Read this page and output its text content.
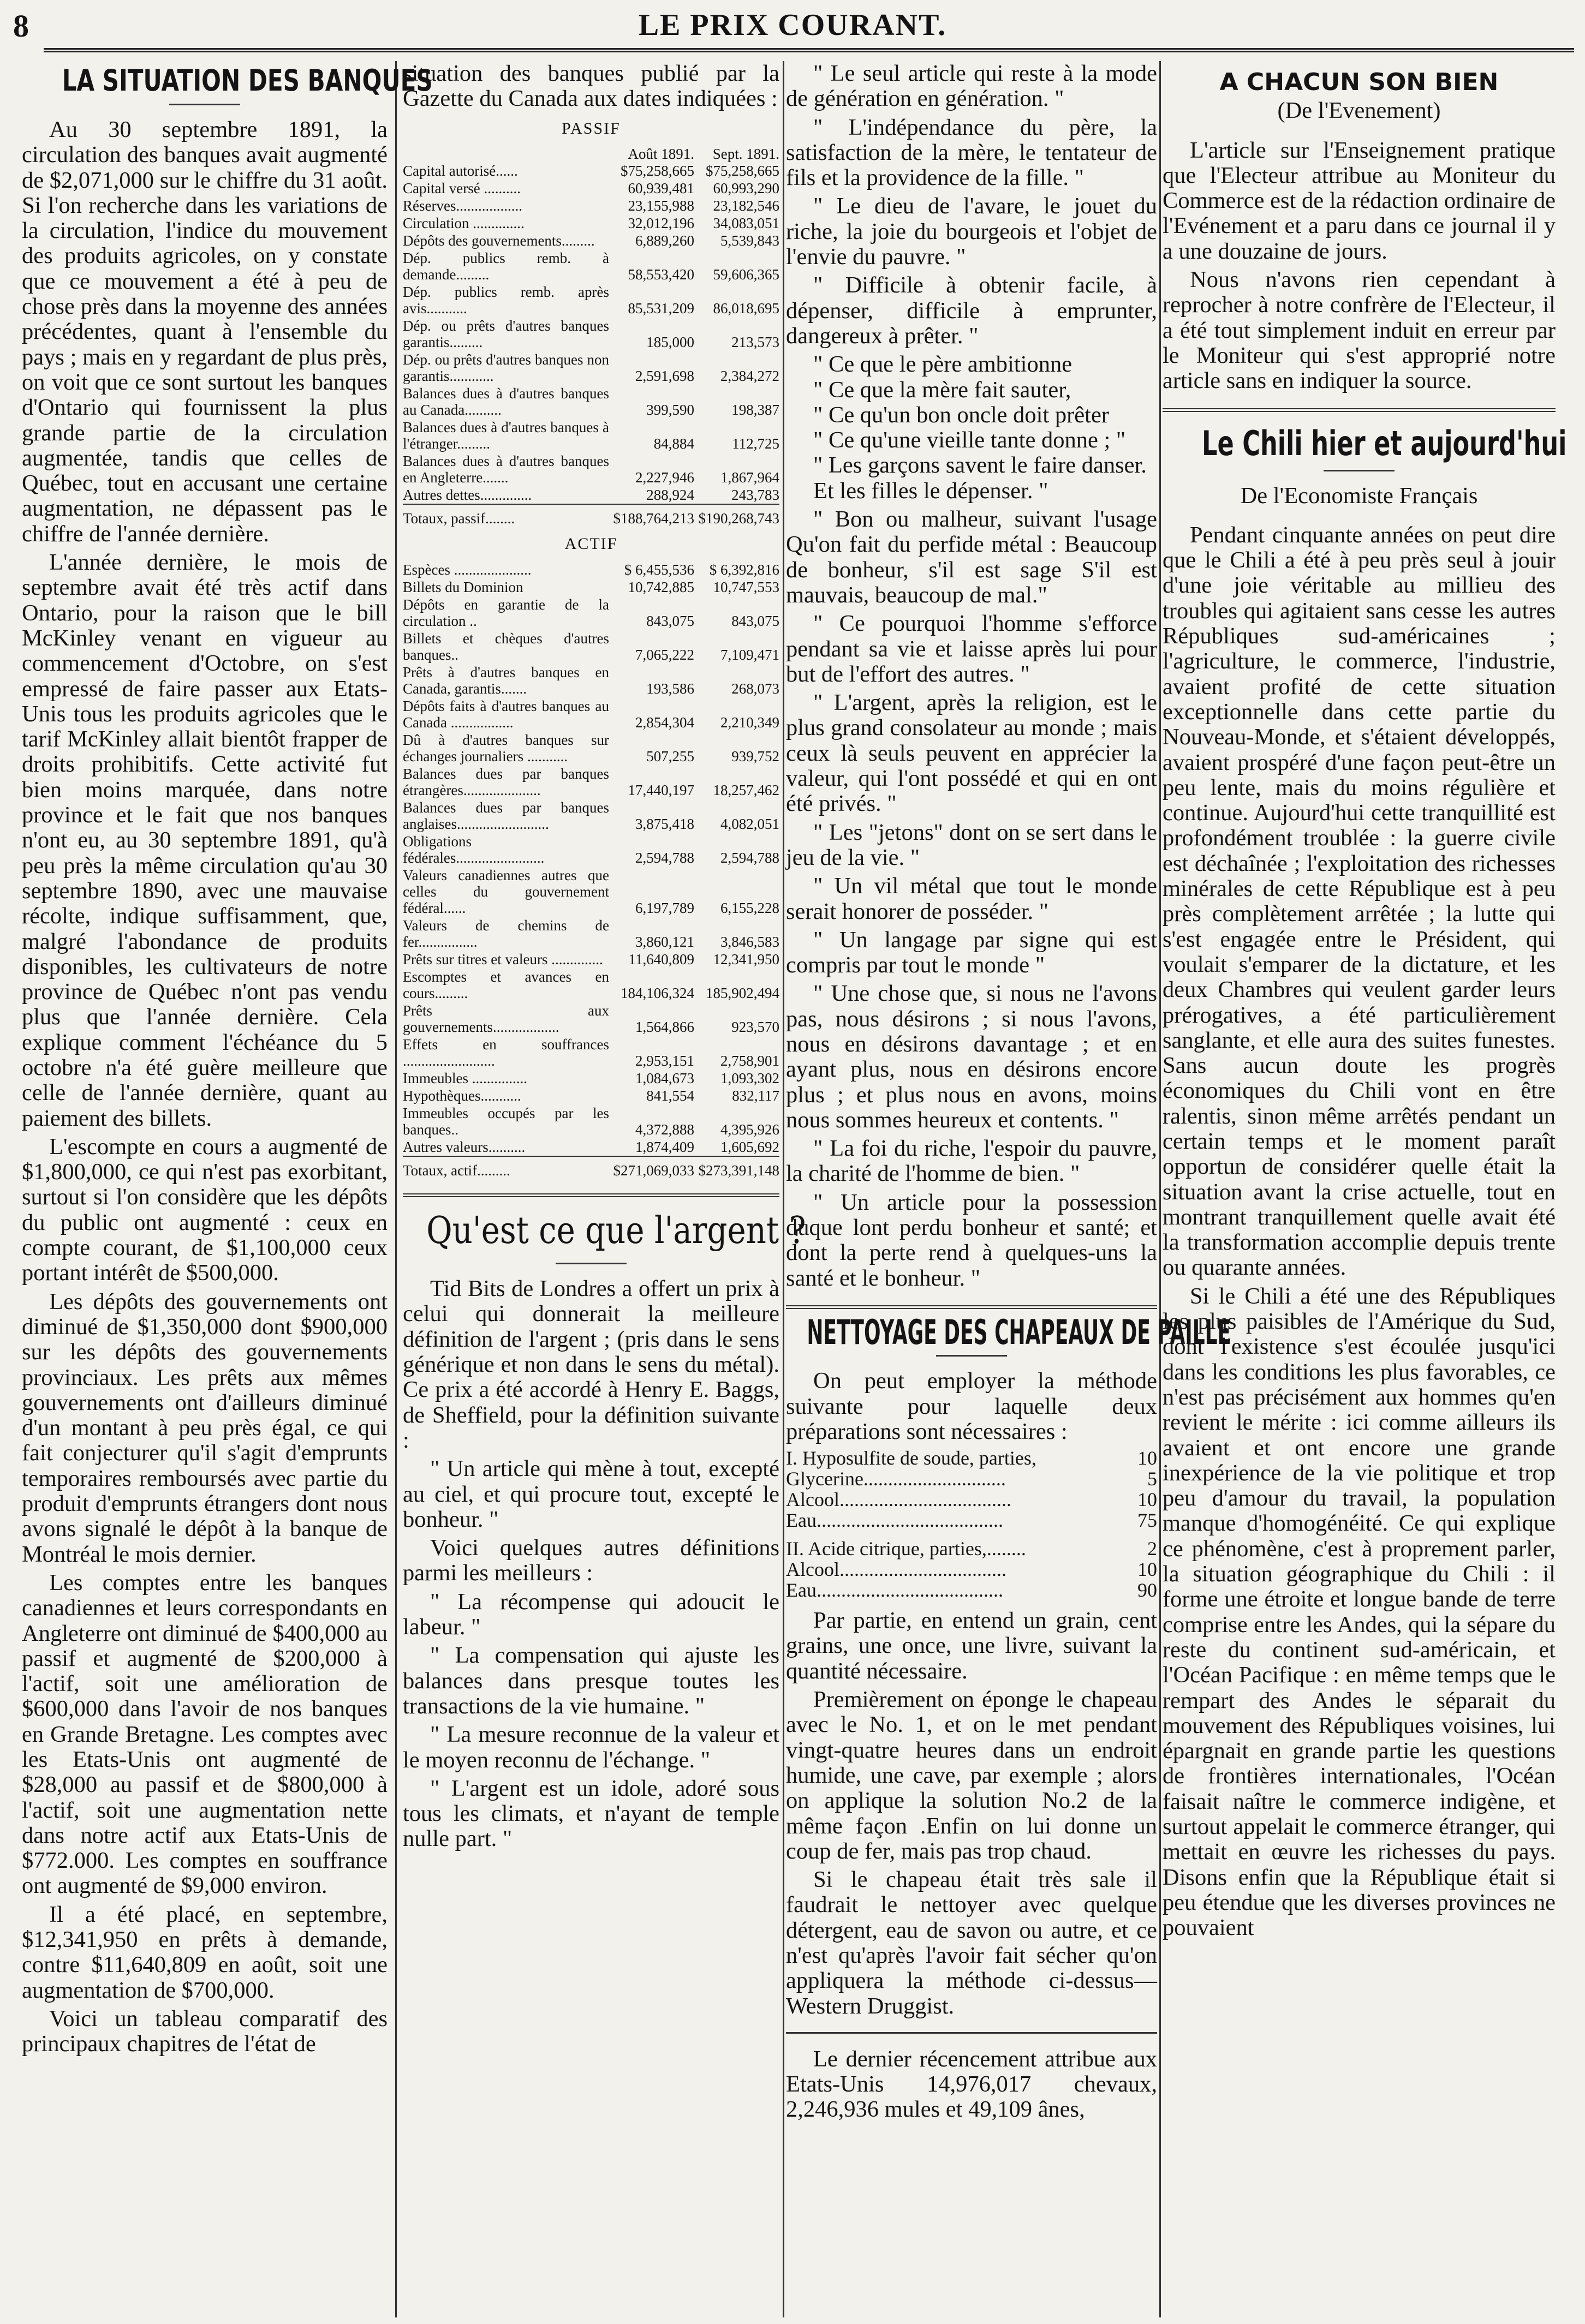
8	LE PRIX COURANT.
LA SITUATION DES BANQUES

Au 30 septembre 1891, la circulation des banques avait augmenté de $2,071,000 sur le chiffre du 31 août. Si l'on recherche dans les variations de la circulation, l'indice du mouvement des produits agricoles, on y constate que ce mouvement a été à peu de chose près dans la moyenne des années précédentes, quant à l'ensemble du pays ; mais en y regardant de plus près, on voit que ce sont surtout les banques d'Ontario qui fournissent la plus grande partie de la circulation augmentée, tandis que celles de Québec, tout en accusant une certaine augmentation, ne dépassent pas le chiffre de l'année dernière.

L'année dernière, le mois de septembre avait été très actif dans Ontario, pour la raison que le bill McKinley venant en vigueur au commencement d'Octobre, on s'est empressé de faire passer aux Etats-Unis tous les produits agricoles que le tarif McKinley allait bientôt frapper de droits prohibitifs. Cette activité fut bien moins marquée, dans notre province et le fait que nos banques n'ont eu, au 30 septembre 1891, qu'à peu près la même circulation qu'au 30 septembre 1890, avec une mauvaise récolte, indique suffisamment, que, malgré l'abondance de produits disponibles, les cultivateurs de notre province de Québec n'ont pas vendu plus que l'année dernière. Cela explique comment l'échéance du 5 octobre n'a été guère meilleure que celle de l'année dernière, quant au paiement des billets.

L'escompte en cours a augmenté de $1,800,000, ce qui n'est pas exorbitant, surtout si l'on considère que les dépôts du public ont augmenté : ceux en compte courant, de $1,100,000 ceux portant intérêt de $500,000.

Les dépôts des gouvernements ont diminué de $1,350,000 dont $900,000 sur les dépôts des gouvernements provinciaux. Les prêts aux mêmes gouvernements ont d'ailleurs diminué d'un montant à peu près égal, ce qui fait conjecturer qu'il s'agit d'emprunts temporaires remboursés avec partie du produit d'emprunts étrangers dont nous avons signalé le dépôt à la banque de Montréal le mois dernier.

Les comptes entre les banques canadiennes et leurs correspondants en Angleterre ont diminué de $400,000 au passif et augmenté de $200,000 à l'actif, soit une amélioration de $600,000 dans l'avoir de nos banques en Grande Bretagne. Les comptes avec les Etats-Unis ont augmenté de $28,000 au passif et de $800,000 à l'actif, soit une augmentation nette dans notre actif aux Etats-Unis de $772.000. Les comptes en souffrance ont augmenté de $9,000 environ.

Il a été placé, en septembre, $12,341,950 en prêts à demande, contre $11,640,809 en août, soit une augmentation de $700,000.

Voici un tableau comparatif des principaux chapitres de l'état de

situation des banques publié par la Gazette du Canada aux dates indiquées :

PASSIF
	Août 1891.	Sept. 1891.
Capital autorisé......	$75,258,665	$75,258,665
Capital versé ..........	60,939,481	60,993,290
Réserves..................	23,155,988	23,182,546
Circulation ..............	32,012,196	34,083,051
Dépôts des gouvernements.........	6,889,260	5,539,843
Dép. publics remb. à demande.........	58,553,420	59,606,365
Dép. publics remb. après avis...........	85,531,209	86,018,695
Dép. ou prêts d'autres banques garantis.........	185,000	213,573
Dép. ou prêts d'autres banques non garantis............	2,591,698	2,384,272
Balances dues à d'autres banques au Canada..........	399,590	198,387
Balances dues à d'autres banques à l'étranger.........	84,884	112,725
Balances dues à d'autres banques en Angleterre.......	2,227,946	1,867,964
Autres dettes..............	288,924	243,783
Totaux, passif........	$188,764,213	$190,268,743
ACTIF
Espèces .....................	$ 6,455,536	$ 6,392,816
Billets du Dominion	10,742,885	10,747,553
Dépôts en garantie de la circulation ..	843,075	843,075
Billets et chèques d'autres banques..	7,065,222	7,109,471
Prêts à d'autres banques en Canada, garantis.......	193,586	268,073
Dépôts faits à d'autres banques au Canada .................	2,854,304	2,210,349
Dû à d'autres banques sur échanges journaliers ...........	507,255	939,752
Balances dues par banques étrangères.....................	17,440,197	18,257,462
Balances dues par banques anglaises.........................	3,875,418	4,082,051
Obligations fédérales........................	2,594,788	2,594,788
Valeurs canadiennes autres que celles du gouvernement fédéral......	6,197,789	6,155,228
Valeurs de chemins de fer................	3,860,121	3,846,583
Prêts sur titres et valeurs ..............	11,640,809	12,341,950
Escomptes et avances en cours.........	184,106,324	185,902,494
Prêts aux gouvernements..................	1,564,866	923,570
Effets en souffrances .........................	2,953,151	2,758,901
Immeubles ...............	1,084,673	1,093,302
Hypothèques...........	841,554	832,117
Immeubles occupés par les banques..	4,372,888	4,395,926
Autres valeurs..........	1,874,409	1,605,692
Totaux, actif.........	$271,069,033	$273,391,148
Qu'est ce que l'argent ?

Tid Bits de Londres a offert un prix à celui qui donnerait la meilleure définition de l'argent ; (pris dans le sens générique et non dans le sens du métal). Ce prix a été accordé à Henry E. Baggs, de Sheffield, pour la définition suivante :

" Un article qui mène à tout, excepté au ciel, et qui procure tout, excepté le bonheur. "

Voici quelques autres définitions parmi les meilleurs :

" La récompense qui adoucit le labeur. "

" La compensation qui ajuste les balances dans presque toutes les transactions de la vie humaine. "

" La mesure reconnue de la valeur et le moyen reconnu de l'échange. "

" L'argent est un idole, adoré sous tous les climats, et n'ayant de temple nulle part. "

" Le seul article qui reste à la mode de génération en génération. "

" L'indépendance du père, la satisfaction de la mère, le tentateur de fils et la providence de la fille. "

" Le dieu de l'avare, le jouet du riche, la joie du bourgeois et l'objet de l'envie du pauvre. "

" Difficile à obtenir facile, à dépenser, difficile à emprunter, dangereux à prêter. "

" Ce que le père ambitionne

" Ce que la mère fait sauter,

" Ce qu'un bon oncle doit prêter

" Ce qu'une vieille tante donne ; "

" Les garçons savent le faire danser.

Et les filles le dépenser. "

" Bon ou malheur, suivant l'usage Qu'on fait du perfide métal : Beaucoup de bonheur, s'il est sage S'il est mauvais, beaucoup de mal."

" Ce pourquoi l'homme s'efforce pendant sa vie et laisse après lui pour but de l'effort des autres. "

" L'argent, après la religion, est le plus grand consolateur au monde ; mais ceux là seuls peuvent en apprécier la valeur, qui l'ont possédé et qui en ont été privés. "

" Les "jetons" dont on se sert dans le jeu de la vie. "

" Un vil métal que tout le monde serait honorer de posséder. "

" Un langage par signe qui est compris par tout le monde "

" Une chose que, si nous ne l'avons pas, nous désirons ; si nous l'avons, nous en désirons davantage ; et en ayant plus, nous en désirons encore plus ; et plus nous en avons, moins nous sommes heureux et contents. "

" La foi du riche, l'espoir du pauvre, la charité de l'homme de bien. "

" Un article pour la possession duque lont perdu bonheur et santé; et dont la perte rend à quelques-uns la santé et le bonheur. "

NETTOYAGE DES CHAPEAUX DE PAILLE

On peut employer la méthode suivante pour laquelle deux préparations sont nécessaires :

I. Hyposulfite de soude, parties,	10
Glycerine.............................	5
Alcool...................................	10
Eau......................................	75
II. Acide citrique, parties,........	2
Alcool..................................	10
Eau......................................	90

Par partie, en entend un grain, cent grains, une once, une livre, suivant la quantité nécessaire.

Premièrement on éponge le chapeau avec le No. 1, et on le met pendant vingt-quatre heures dans un endroit humide, une cave, par exemple ; alors on applique la solution No.2 de la même façon .Enfin on lui donne un coup de fer, mais pas trop chaud.

Si le chapeau était très sale il faudrait le nettoyer avec quelque détergent, eau de savon ou autre, et ce n'est qu'après l'avoir fait sécher qu'on appliquera la méthode ci-dessus— Western Druggist.

Le dernier récencement attribue aux Etats-Unis 14,976,017 chevaux, 2,246,936 mules et 49,109 ânes,

A CHACUN SON BIEN
(De l'Evenement)

L'article sur l'Enseignement pratique que l'Electeur attribue au Moniteur du Commerce est de la rédaction ordinaire de l'Evénement et a paru dans ce journal il y a une douzaine de jours.

Nous n'avons rien cependant à reprocher à notre confrère de l'Electeur, il a été tout simplement induit en erreur par le Moniteur qui s'est approprié notre article sans en indiquer la source.

Le Chili hier et aujourd'hui
De l'Economiste Français

Pendant cinquante années on peut dire que le Chili a été à peu près seul à jouir d'une joie véritable au millieu des troubles qui agitaient sans cesse les autres Républiques sud-américaines ; l'agriculture, le commerce, l'industrie, avaient profité de cette situation exceptionnelle dans cette partie du Nouveau-Monde, et s'étaient développés, avaient prospéré d'une façon peut-être un peu lente, mais du moins régulière et continue. Aujourd'hui cette tranquillité est profondément troublée : la guerre civile est déchaînée ; l'exploitation des richesses minérales de cette République est à peu près complètement arrêtée ; la lutte qui s'est engagée entre le Président, qui voulait s'emparer de la dictature, et les deux Chambres qui veulent garder leurs prérogatives, a été particulièrement sanglante, et elle aura des suites funestes. Sans aucun doute les progrès économiques du Chili vont en être ralentis, sinon même arrêtés pendant un certain temps et le moment paraît opportun de considérer quelle était la situation avant la crise actuelle, tout en montrant tranquillement quelle avait été la transformation accomplie depuis trente ou quarante années.

Si le Chili a été une des Républiques les plus paisibles de l'Amérique du Sud, dont l'existence s'est écoulée jusqu'ici dans les conditions les plus favorables, ce n'est pas précisément aux hommes qu'en revient le mérite : ici comme ailleurs ils avaient et ont encore une grande inexpérience de la vie politique et trop peu d'amour du travail, la population manque d'homogénéité. Ce qui explique ce phénomène, c'est à proprement parler, la situation géographique du Chili : il forme une étroite et longue bande de terre comprise entre les Andes, qui la sépare du reste du continent sud-américain, et l'Océan Pacifique : en même temps que le rempart des Andes le séparait du mouvement des Républiques voisines, lui épargnait en grande partie les questions de frontières internationales, l'Océan faisait naître le commerce indigène, et surtout appelait le commerce étranger, qui mettait en œuvre les richesses du pays. Disons enfin que la République était si peu étendue que les diverses provinces ne pouvaient
